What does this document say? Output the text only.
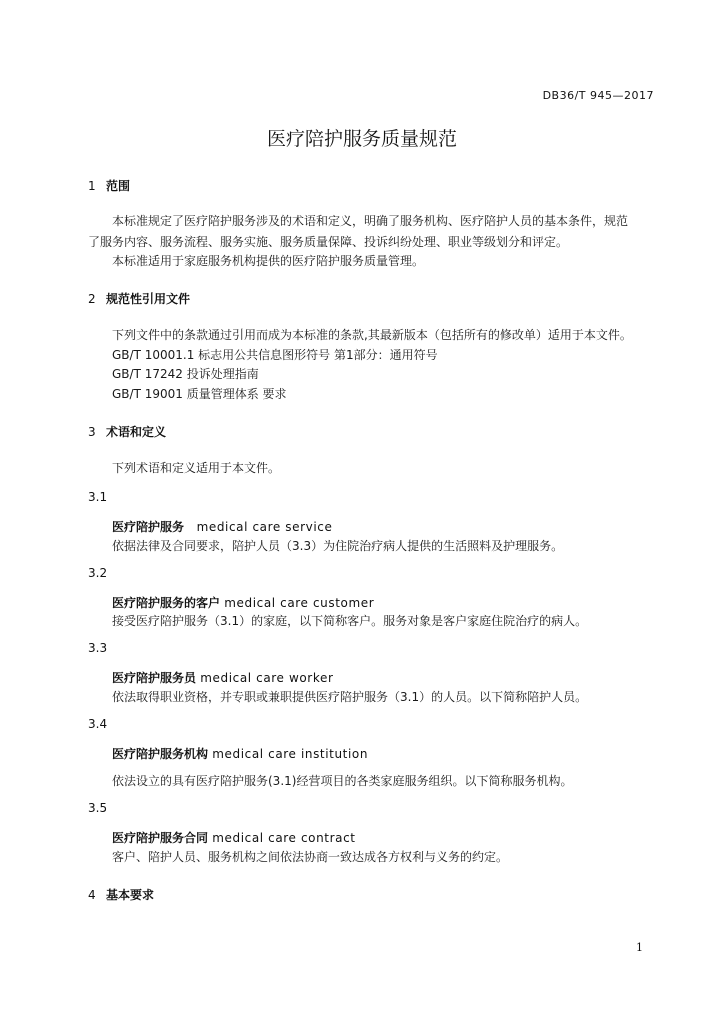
DB36/T 945—2017
医疗陪护服务质量规范
1 范围
本标准规定了医疗陪护服务涉及的术语和定义，明确了服务机构、医疗陪护人员的基本条件，规范
了服务内容、服务流程、服务实施、服务质量保障、投诉纠纷处理、职业等级划分和评定。
本标准适用于家庭服务机构提供的医疗陪护服务质量管理。
2 规范性引用文件
下列文件中的条款通过引用而成为本标准的条款,其最新版本（包括所有的修改单）适用于本文件。
GB/T 10001.1 标志用公共信息图形符号 第1部分：通用符号
GB/T 17242 投诉处理指南
GB/T 19001 质量管理体系 要求
3 术语和定义
下列术语和定义适用于本文件。
3.1
医疗陪护服务 medical care service
依据法律及合同要求，陪护人员（3.3）为住院治疗病人提供的生活照料及护理服务。
3.2
医疗陪护服务的客户 medical care customer
接受医疗陪护服务（3.1）的家庭，以下简称客户。服务对象是客户家庭住院治疗的病人。
3.3
医疗陪护服务员 medical care worker
依法取得职业资格，并专职或兼职提供医疗陪护服务（3.1）的人员。以下简称陪护人员。
3.4
医疗陪护服务机构 medical care institution
依法设立的具有医疗陪护服务(3.1)经营项目的各类家庭服务组织。以下简称服务机构。
3.5
医疗陪护服务合同 medical care contract
客户、陪护人员、服务机构之间依法协商一致达成各方权利与义务的约定。
4 基本要求
1
